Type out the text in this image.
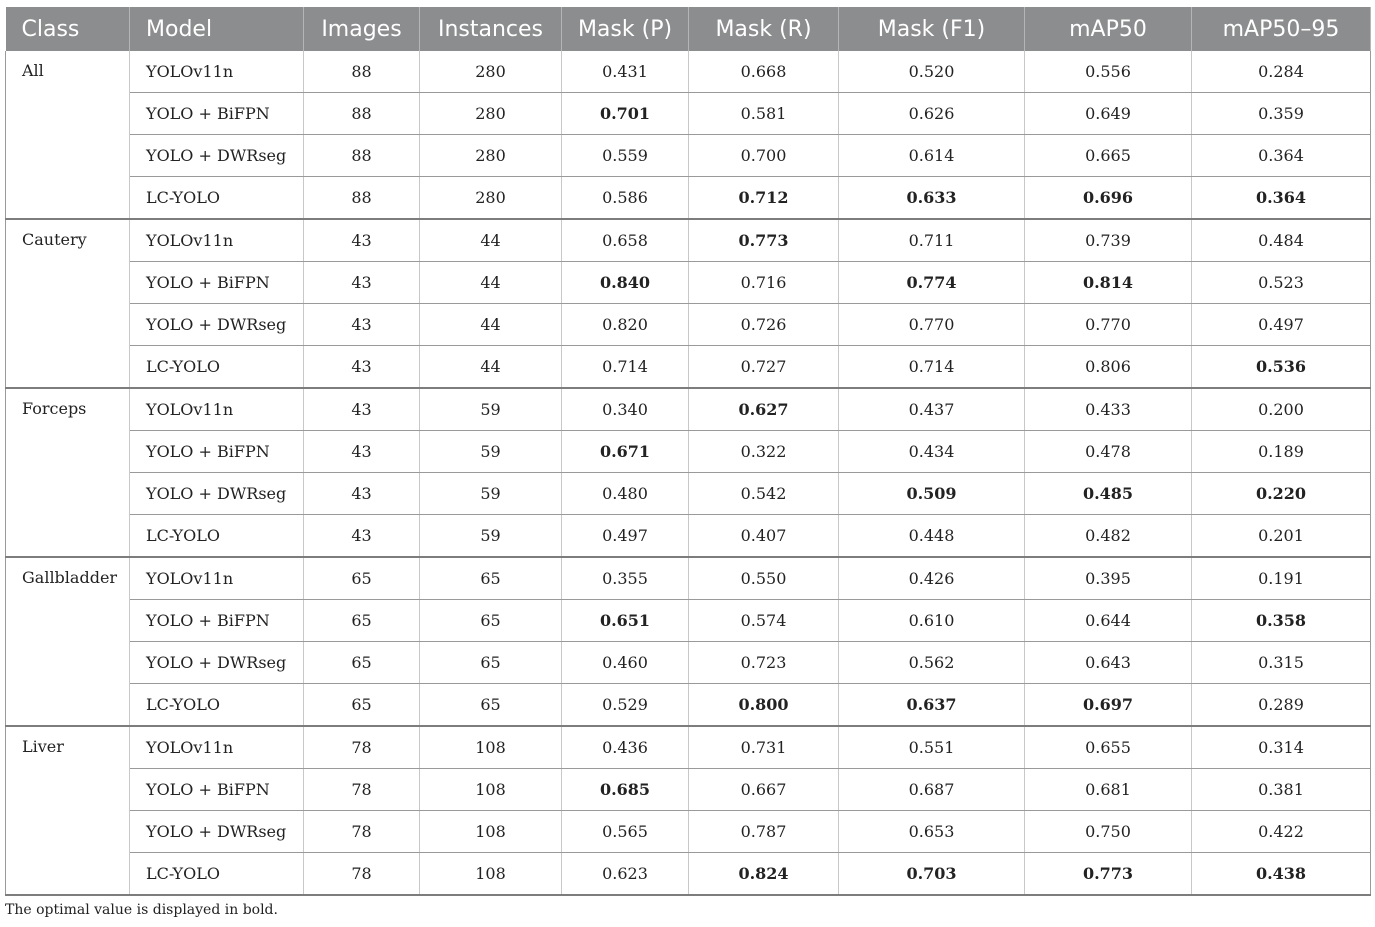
Class	Model	Images	Instances	Mask (P)	Mask (R)	Mask (F1)	mAP50	mAP50–95
All	YOLOv11n	88	280	0.431	0.668	0.520	0.556	0.284
	YOLO + BiFPN	88	280	0.701	0.581	0.626	0.649	0.359
	YOLO + DWRseg	88	280	0.559	0.700	0.614	0.665	0.364
	LC-YOLO	88	280	0.586	0.712	0.633	0.696	0.364
Cautery	YOLOv11n	43	44	0.658	0.773	0.711	0.739	0.484
	YOLO + BiFPN	43	44	0.840	0.716	0.774	0.814	0.523
	YOLO + DWRseg	43	44	0.820	0.726	0.770	0.770	0.497
	LC-YOLO	43	44	0.714	0.727	0.714	0.806	0.536
Forceps	YOLOv11n	43	59	0.340	0.627	0.437	0.433	0.200
	YOLO + BiFPN	43	59	0.671	0.322	0.434	0.478	0.189
	YOLO + DWRseg	43	59	0.480	0.542	0.509	0.485	0.220
	LC-YOLO	43	59	0.497	0.407	0.448	0.482	0.201
Gallbladder	YOLOv11n	65	65	0.355	0.550	0.426	0.395	0.191
	YOLO + BiFPN	65	65	0.651	0.574	0.610	0.644	0.358
	YOLO + DWRseg	65	65	0.460	0.723	0.562	0.643	0.315
	LC-YOLO	65	65	0.529	0.800	0.637	0.697	0.289
Liver	YOLOv11n	78	108	0.436	0.731	0.551	0.655	0.314
	YOLO + BiFPN	78	108	0.685	0.667	0.687	0.681	0.381
	YOLO + DWRseg	78	108	0.565	0.787	0.653	0.750	0.422
	LC-YOLO	78	108	0.623	0.824	0.703	0.773	0.438
The optimal value is displayed in bold.
